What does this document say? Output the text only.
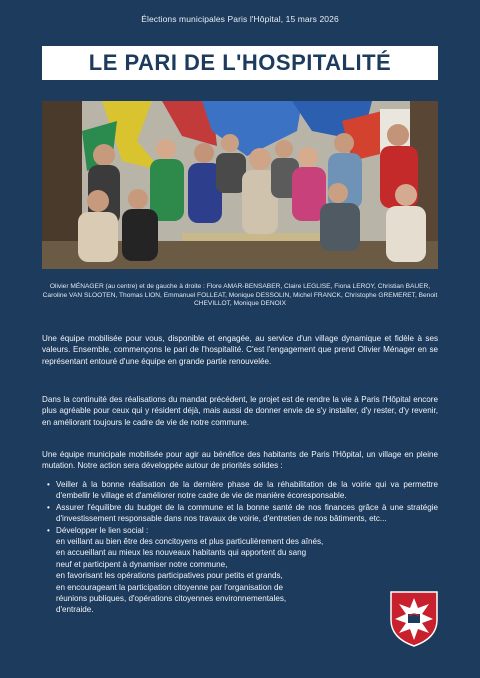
Élections municipales Paris l'Hôpital, 15 mars 2026
LE PARI DE L'HOSPITALITÉ
Olivier MÉNAGER (au centre) et de gauche à droite : Flore AMAR-BENSABER, Claire LEGLISE, Fiona LEROY, Christian BAUER, Caroline VAN SLOOTEN, Thomas LION, Emmanuel FOLLEAT, Monique DESSOLIN, Michel FRANCK, Christophe GREMERET, Benoit CHEVILLOT, Monique DENOIX
Une équipe mobilisée pour vous, disponible et engagée, au service d'un village dynamique et fidèle à ses valeurs. Ensemble, commençons le pari de l'hospitalité. C'est l'engagement que prend Olivier Ménager en se représentant entouré d'une équipe en grande partie renouvelée.
Dans la continuité des réalisations du mandat précédent, le projet est de rendre la vie à Paris l'Hôpital encore plus agréable pour ceux qui y résident déjà, mais aussi de donner envie de s'y installer, d'y rester, d'y revenir, en améliorant toujours le cadre de vie de notre commune.
Une équipe municipale mobilisée pour agir au bénéfice des habitants de Paris l'Hôpital, un village en pleine mutation. Notre action sera développée autour de priorités solides :
• Veiller à la bonne réalisation de la dernière phase de la réhabilitation de la voirie qui va permettre d'embellir le village et d'améliorer notre cadre de vie de manière écoresponsable.
• Assurer l'équilibre du budget de la commune et la bonne santé de nos finances grâce à une stratégie d'investissement responsable dans nos travaux de voirie, d'entretien de nos bâtiments, etc...
• Développer le lien social :
en veillant au bien être des concitoyens et plus particulièrement des aînés,
en accueillant au mieux les nouveaux habitants qui apportent du sang
neuf et participent à dynamiser notre commune,
en favorisant les opérations participatives pour petits et grands,
en encourageant la participation citoyenne par l'organisation de
réunions publiques, d'opérations citoyennes environnementales,
d'entraide.
